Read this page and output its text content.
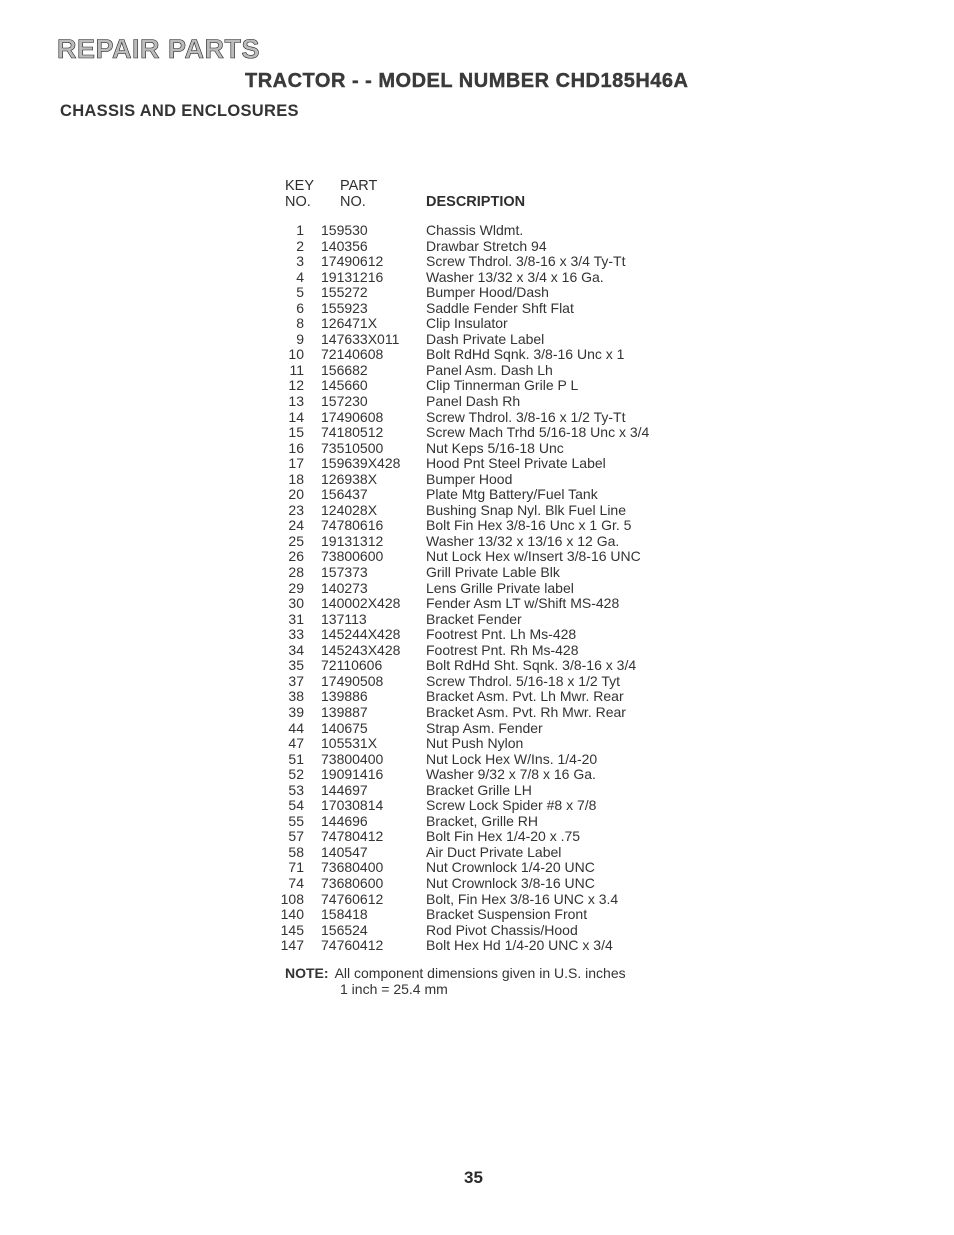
REPAIR PARTS
TRACTOR - - MODEL NUMBER CHD185H46A
CHASSIS AND ENCLOSURES
KEY
NO.
PART
NO.	DESCRIPTION
1 159530	Chassis Wldmt.
2 140356	Drawbar Stretch 94
3 17490612	Screw Thdrol. 3/8-16 x 3/4 Ty-Tt
4 19131216	Washer 13/32 x 3/4 x 16 Ga.
5 155272	Bumper Hood/Dash
6 155923	Saddle Fender Shft Flat
8 126471X	Clip Insulator
9 147633X011 Dash Private Label
10 72140608	Bolt RdHd Sqnk. 3/8-16 Unc x 1
11 156682	Panel Asm. Dash Lh
12 145660	Clip Tinnerman Grile P L
13 157230	Panel Dash Rh
14 17490608	Screw Thdrol. 3/8-16 x 1/2 Ty-Tt
15 74180512	Screw Mach Trhd 5/16-18 Unc x 3/4
16 73510500	Nut Keps 5/16-18 Unc
17 159639X428 Hood Pnt Steel Private Label
18 126938X	Bumper Hood
20 156437	Plate Mtg Battery/Fuel Tank
23 124028X	Bushing Snap Nyl. Blk Fuel Line
24 74780616	Bolt Fin Hex 3/8-16 Unc x 1 Gr. 5
25 19131312	Washer 13/32 x 13/16 x 12 Ga.
26 73800600	Nut Lock Hex w/Insert 3/8-16 UNC
28 157373	Grill Private Lable Blk
29 140273	Lens Grille Private label
30 140002X428 Fender Asm LT w/Shift MS-428
31 137113	Bracket Fender
33 145244X428 Footrest Pnt. Lh Ms-428
34 145243X428 Footrest Pnt. Rh Ms-428
35 72110606	Bolt RdHd Sht. Sqnk. 3/8-16 x 3/4
37 17490508	Screw Thdrol. 5/16-18 x 1/2 Tyt
38 139886	Bracket Asm. Pvt. Lh Mwr. Rear
39 139887	Bracket Asm. Pvt. Rh Mwr. Rear
44 140675	Strap Asm. Fender
47 105531X	Nut Push Nylon
51 73800400	Nut Lock Hex W/Ins. 1/4-20
52 19091416	Washer 9/32 x 7/8 x 16 Ga.
53 144697	Bracket Grille LH
54 17030814	Screw Lock Spider #8 x 7/8
55 144696	Bracket, Grille RH
57 74780412	Bolt Fin Hex 1/4-20 x .75
58 140547	Air Duct Private Label
71 73680400	Nut Crownlock 1/4-20 UNC
74 73680600	Nut Crownlock 3/8-16 UNC
108 74760612	Bolt, Fin Hex 3/8-16 UNC x 3.4
140 158418	Bracket Suspension Front
145 156524	Rod Pivot Chassis/Hood
147 74760412	Bolt Hex Hd 1/4-20 UNC x 3/4
NOTE: All component dimensions given in U.S. inches
1 inch = 25.4 mm
35
